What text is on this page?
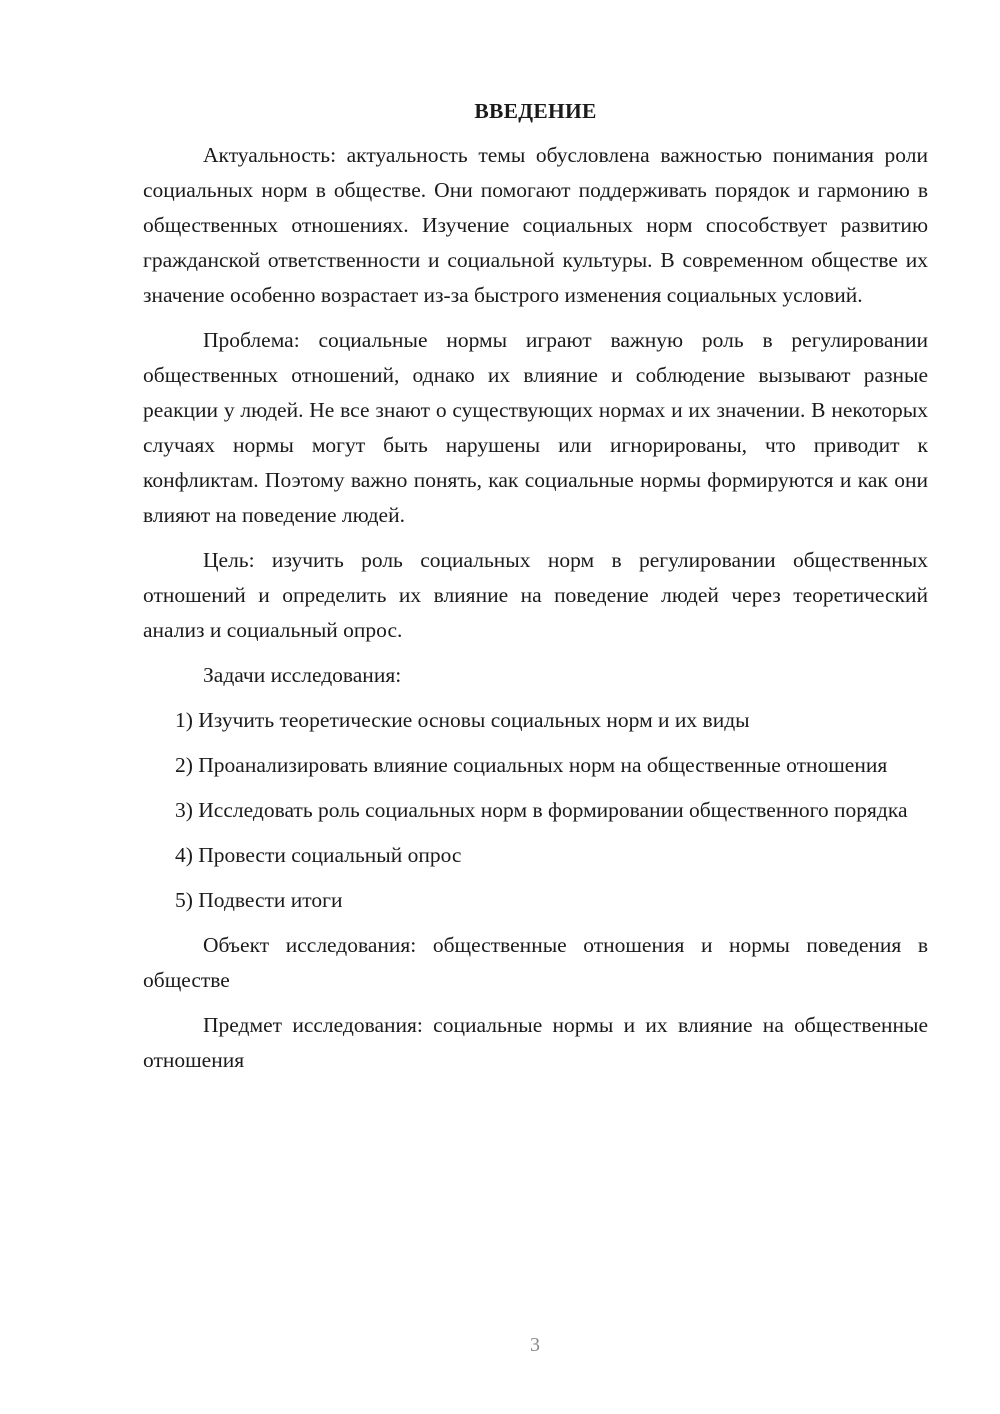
ВВЕДЕНИЕ

Актуальность: актуальность темы обусловлена важностью понимания роли социальных норм в обществе. Они помогают поддерживать порядок и гармонию в общественных отношениях. Изучение социальных норм способствует развитию гражданской ответственности и социальной культуры. В современном обществе их значение особенно возрастает из-за быстрого изменения социальных условий.

Проблема: социальные нормы играют важную роль в регулировании общественных отношений, однако их влияние и соблюдение вызывают разные реакции у людей. Не все знают о существующих нормах и их значении. В некоторых случаях нормы могут быть нарушены или игнорированы, что приводит к конфликтам. Поэтому важно понять, как социальные нормы формируются и как они влияют на поведение людей.

Цель: изучить роль социальных норм в регулировании общественных отношений и определить их влияние на поведение людей через теоретический анализ и социальный опрос.

Задачи исследования:

1) Изучить теоретические основы социальных норм и их виды

2) Проанализировать влияние социальных норм на общественные отношения

3) Исследовать роль социальных норм в формировании общественного порядка

4) Провести социальный опрос

5) Подвести итоги

Объект исследования: общественные отношения и нормы поведения в обществе

Предмет исследования: социальные нормы и их влияние на общественные отношения

3
